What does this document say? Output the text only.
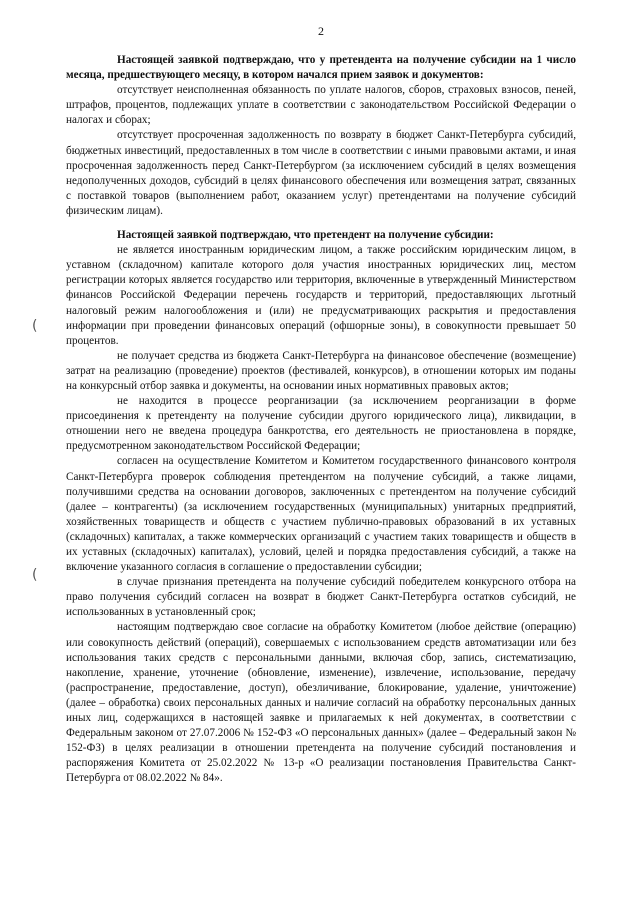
(
(
2

Настоящей заявкой подтверждаю, что у претендента на получение субсидии на 1 число месяца, предшествующего месяцу, в котором начался прием заявок и документов:

отсутствует неисполненная обязанность по уплате налогов, сборов, страховых взносов, пеней, штрафов, процентов, подлежащих уплате в соответствии с законодательством Российской Федерации о налогах и сборах;

отсутствует просроченная задолженность по возврату в бюджет Санкт-Петербурга субсидий, бюджетных инвестиций, предоставленных в том числе в соответствии с иными правовыми актами, и иная просроченная задолженность перед Санкт-Петербургом (за исключением субсидий в целях возмещения недополученных доходов, субсидий в целях финансового обеспечения или возмещения затрат, связанных с поставкой товаров (выполнением работ, оказанием услуг) претендентами на получение субсидий физическим лицам).

Настоящей заявкой подтверждаю, что претендент на получение субсидии:

не является иностранным юридическим лицом, а также российским юридическим лицом, в уставном (складочном) капитале которого доля участия иностранных юридических лиц, местом регистрации которых является государство или территория, включенные в утвержденный Министерством финансов Российской Федерации перечень государств и территорий, предоставляющих льготный налоговый режим налогообложения и (или) не предусматривающих раскрытия и предоставления информации при проведении финансовых операций (офшорные зоны), в совокупности превышает 50 процентов.

не получает средства из бюджета Санкт-Петербурга на финансовое обеспечение (возмещение) затрат на реализацию (проведение) проектов (фестивалей, конкурсов), в отношении которых им поданы на конкурсный отбор заявка и документы, на основании иных нормативных правовых актов;

не находится в процессе реорганизации (за исключением реорганизации в форме присоединения к претенденту на получение субсидии другого юридического лица), ликвидации, в отношении него не введена процедура банкротства, его деятельность не приостановлена в порядке, предусмотренном законодательством Российской Федерации;

согласен на осуществление Комитетом и Комитетом государственного финансового контроля Санкт-Петербурга проверок соблюдения претендентом на получение субсидий, а также лицами, получившими средства на основании договоров, заключенных с претендентом на получение субсидий (далее – контрагенты) (за исключением государственных (муниципальных) унитарных предприятий, хозяйственных товариществ и обществ с участием публично-правовых образований в их уставных (складочных) капиталах, а также коммерческих организаций с участием таких товариществ и обществ в их уставных (складочных) капиталах), условий, целей и порядка предоставления субсидий, а также на включение указанного согласия в соглашение о предоставлении субсидии;

в случае признания претендента на получение субсидий победителем конкурсного отбора на право получения субсидий согласен на возврат в бюджет Санкт-Петербурга остатков субсидий, не использованных в установленный срок;

настоящим подтверждаю свое согласие на обработку Комитетом (любое действие (операцию) или совокупность действий (операций), совершаемых с использованием средств автоматизации или без использования таких средств с персональными данными, включая сбор, запись, систематизацию, накопление, хранение, уточнение (обновление, изменение), извлечение, использование, передачу (распространение, предоставление, доступ), обезличивание, блокирование, удаление, уничтожение) (далее – обработка) своих персональных данных и наличие согласий на обработку персональных данных иных лиц, содержащихся в настоящей заявке и прилагаемых к ней документах, в соответствии с Федеральным законом от 27.07.2006 № 152-ФЗ «О персональных данных» (далее – Федеральный закон № 152-ФЗ) в целях реализации в отношении претендента на получение субсидий постановления и распоряжения Комитета от 25.02.2022 № 13-р «О реализации постановления Правительства Санкт-Петербурга от 08.02.2022 № 84».
